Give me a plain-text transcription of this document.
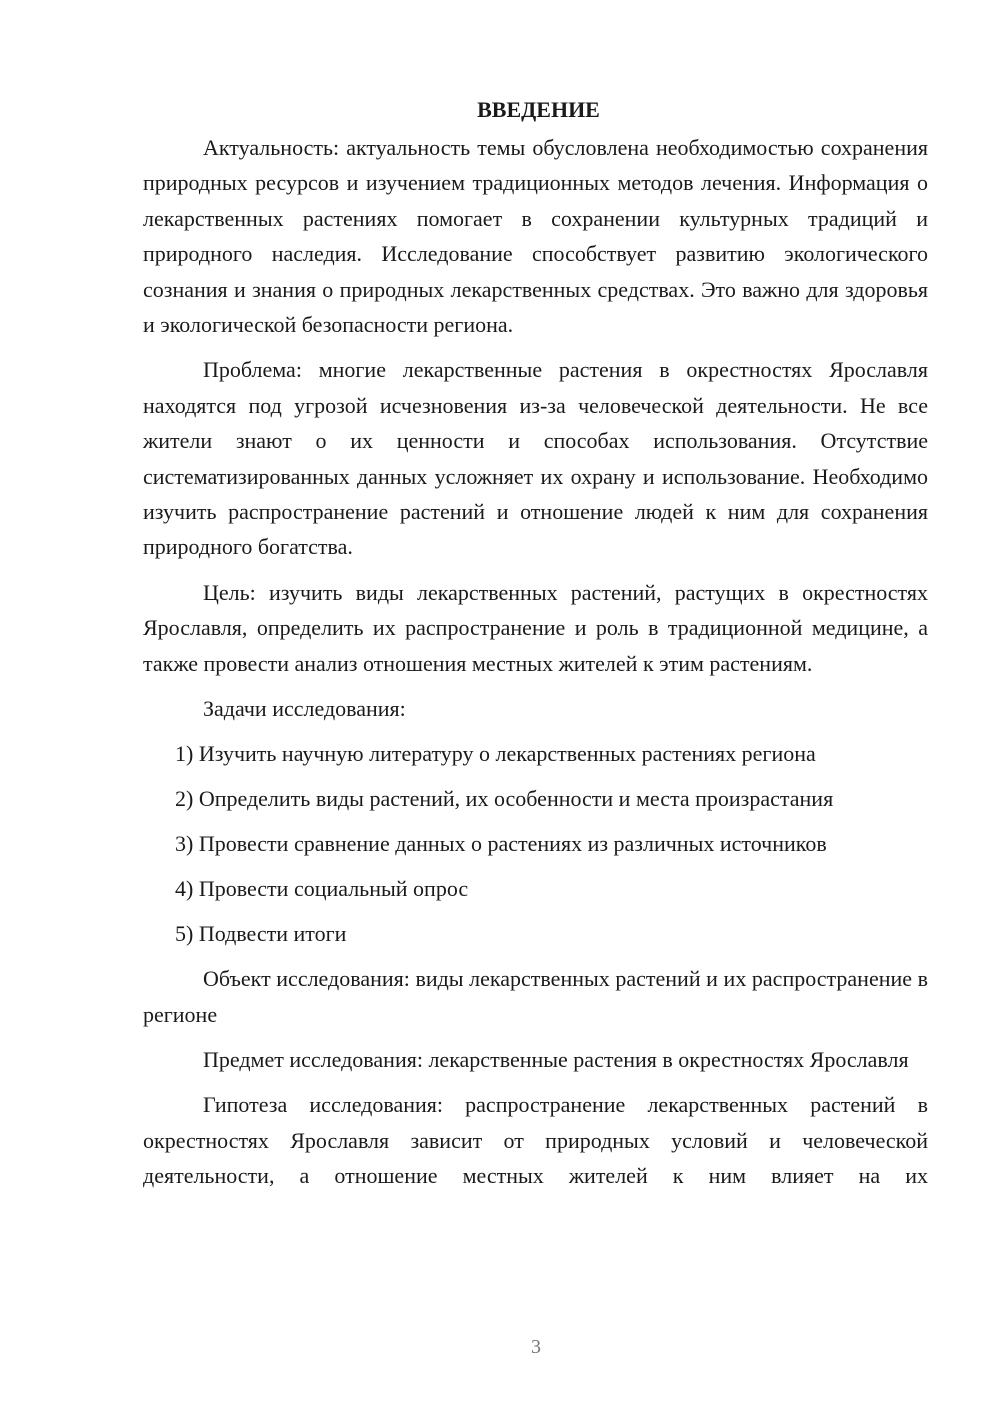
ВВЕДЕНИЕ

Актуальность: актуальность темы обусловлена необходимостью сохранения природных ресурсов и изучением традиционных методов лечения. Информация о лекарственных растениях помогает в сохранении культурных традиций и природного наследия. Исследование способствует развитию экологического сознания и знания о природных лекарственных средствах. Это важно для здоровья и экологической безопасности региона.

Проблема: многие лекарственные растения в окрестностях Ярославля находятся под угрозой исчезновения из-за человеческой деятельности. Не все жители знают о их ценности и способах использования. Отсутствие систематизированных данных усложняет их охрану и использование. Необходимо изучить распространение растений и отношение людей к ним для сохранения природного богатства.

Цель: изучить виды лекарственных растений, растущих в окрестностях Ярославля, определить их распространение и роль в традиционной медицине, а также провести анализ отношения местных жителей к этим растениям.

Задачи исследования:

1) Изучить научную литературу о лекарственных растениях региона
2) Определить виды растений, их особенности и места произрастания
3) Провести сравнение данных о растениях из различных источников
4) Провести социальный опрос
5) Подвести итоги

Объект исследования: виды лекарственных растений и их распространение в регионе

Предмет исследования: лекарственные растения в окрестностях Ярославля

Гипотеза исследования: распространение лекарственных растений в окрестностях Ярославля зависит от природных условий и человеческой деятельности, а отношение местных жителей к ним влияет на их

3
